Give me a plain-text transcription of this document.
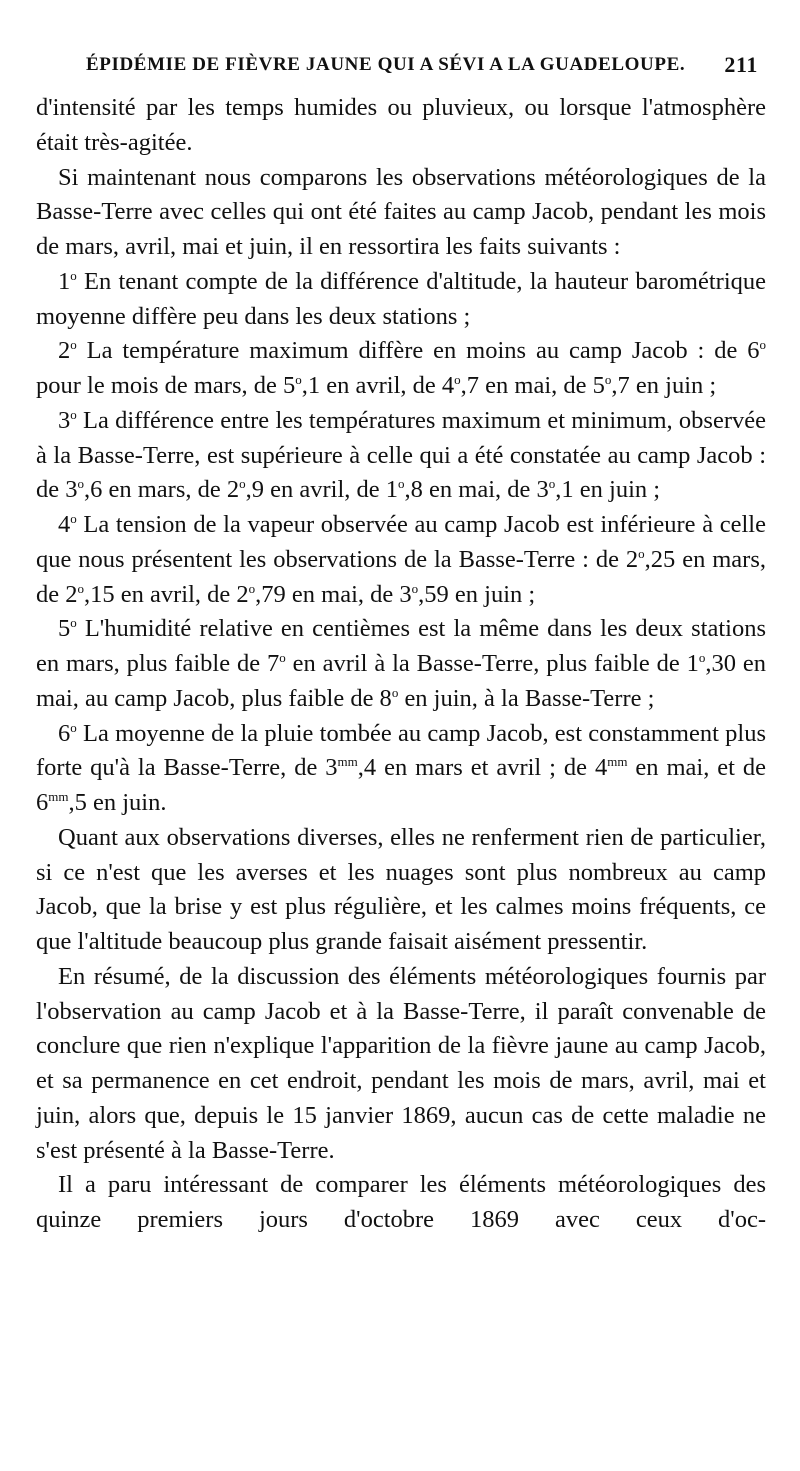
ÉPIDÉMIE DE FIÈVRE JAUNE QUI A SÉVI A LA GUADELOUPE. 211

d'intensité par les temps humides ou pluvieux, ou lorsque l'atmosphère était très-agitée.

Si maintenant nous comparons les observations météorologiques de la Basse-Terre avec celles qui ont été faites au camp Jacob, pendant les mois de mars, avril, mai et juin, il en ressortira les faits suivants :

1$^o$ En tenant compte de la différence d'altitude, la hauteur barométrique moyenne diffère peu dans les deux stations ;

2$^o$ La température maximum diffère en moins au camp Jacob : de 6$^o$ pour le mois de mars, de 5$^o$,1 en avril, de 4$^o$,7 en mai, de 5$^o$,7 en juin ;

3$^o$ La différence entre les températures maximum et minimum, observée à la Basse-Terre, est supérieure à celle qui a été constatée au camp Jacob : de 3$^o$,6 en mars, de 2$^o$,9 en avril, de 1$^o$,8 en mai, de 3$^o$,1 en juin ;

4$^o$ La tension de la vapeur observée au camp Jacob est inférieure à celle que nous présentent les observations de la Basse-Terre : de 2$^o$,25 en mars, de 2$^o$,15 en avril, de 2$^o$,79 en mai, de 3$^o$,59 en juin ;

5$^o$ L'humidité relative en centièmes est la même dans les deux stations en mars, plus faible de 7$^o$ en avril à la Basse-Terre, plus faible de 1$^o$,30 en mai, au camp Jacob, plus faible de 8$^o$ en juin, à la Basse-Terre ;

6$^o$ La moyenne de la pluie tombée au camp Jacob, est constamment plus forte qu'à la Basse-Terre, de $3^{mm},4$ en mars et avril ; de $4^{mm}$ en mai, et de $6^{mm},5$ en juin.

Quant aux observations diverses, elles ne renferment rien de particulier, si ce n'est que les averses et les nuages sont plus nombreux au camp Jacob, que la brise y est plus régulière, et les calmes moins fréquents, ce que l'altitude beaucoup plus grande faisait aisément pressentir.

En résumé, de la discussion des éléments météorologiques fournis par l'observation au camp Jacob et à la Basse-Terre, il paraît convenable de conclure que rien n'explique l'apparition de la fièvre jaune au camp Jacob, et sa permanence en cet endroit, pendant les mois de mars, avril, mai et juin, alors que, depuis le 15 janvier 1869, aucun cas de cette maladie ne s'est présenté à la Basse-Terre.

Il a paru intéressant de comparer les éléments météorologiques des quinze premiers jours d'octobre 1869 avec ceux d'oc-
